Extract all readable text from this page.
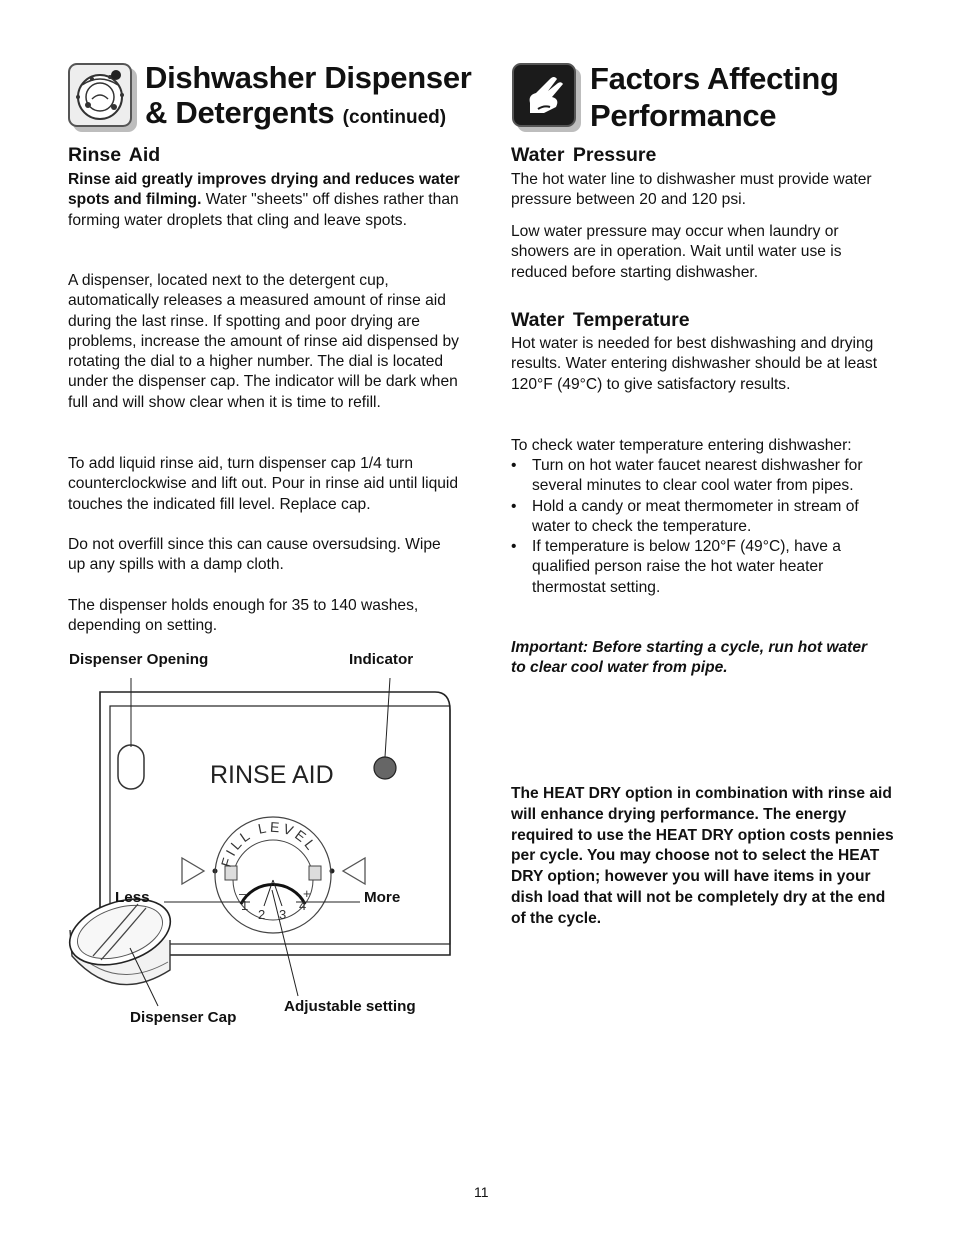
Dishwasher Dispenser
& Detergents (continued)
Factors Affecting
Performance
Rinse Aid

Rinse aid greatly improves drying and reduces water spots and filming. Water "sheets" off dishes rather than forming water droplets that cling and leave spots.

A dispenser, located next to the detergent cup, automatically releases a measured amount of rinse aid during the last rinse. If spotting and poor drying are problems, increase the amount of rinse aid dispensed by rotating the dial to a higher number. The dial is located under the dispenser cap. The indicator will be dark when full and will show clear when it is time to refill.

To add liquid rinse aid, turn dispenser cap 1/4 turn counterclockwise and lift out. Pour in rinse aid until liquid touches the indicated fill level. Replace cap.

Do not overfill since this can cause oversudsing. Wipe up any spills with a damp cloth.

The dispenser holds enough for 35 to 140 washes, depending on setting.

RINSE AID
FILL LEVEL
–	+
1
2 3
4
Dispenser Opening	Indicator
Less	More
Adjustable setting
Dispenser Cap
Water Pressure

The hot water line to dishwasher must provide water pressure between 20 and 120 psi.

Low water pressure may occur when laundry or showers are in operation. Wait until water use is reduced before starting dishwasher.

Water Temperature

Hot water is needed for best dishwashing and drying results. Water entering dishwasher should be at least 120°F (49°C) to give satisfactory results.

To check water temperature entering dishwasher:

• Turn on hot water faucet nearest dishwasher for several minutes to clear cool water from pipes.
• Hold a candy or meat thermometer in stream of water to check the temperature.
• If temperature is below 120°F (49°C), have a qualified person raise the hot water heater thermostat setting.

Important: Before starting a cycle, run hot water to clear cool water from pipe.

The HEAT DRY option in combination with rinse aid will enhance drying performance. The energy required to use the HEAT DRY option costs pennies per cycle. You may choose not to select the HEAT DRY option; however you will have items in your dish load that will not be completely dry at the end of the cycle.

11
